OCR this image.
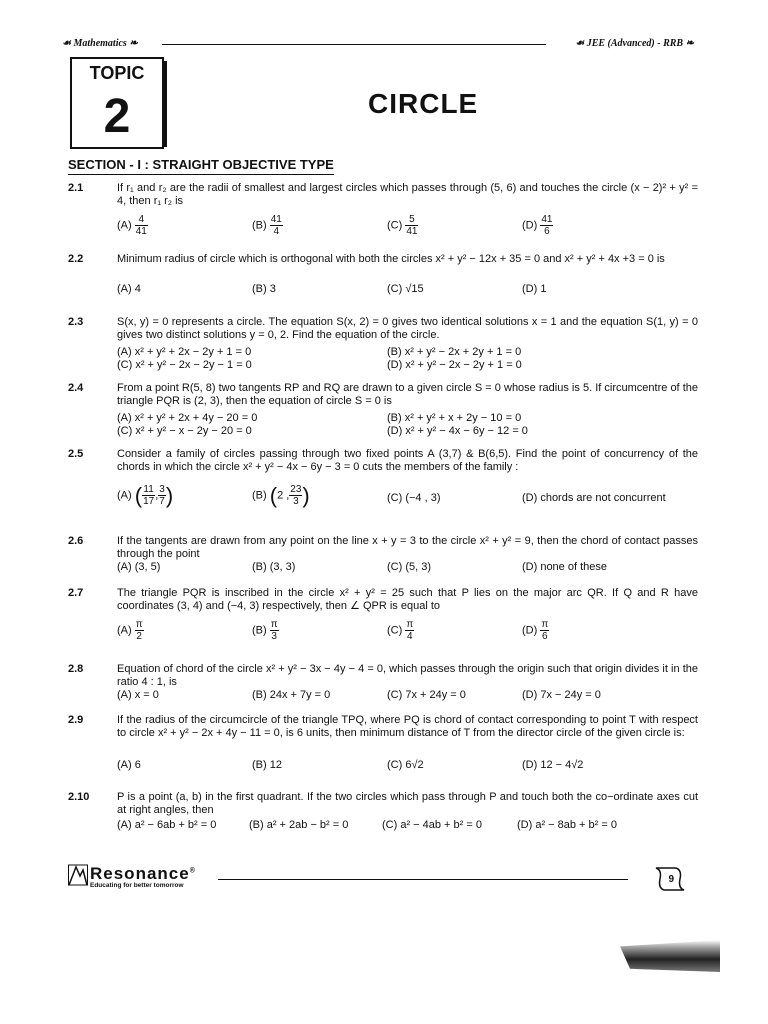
☙ Mathematics ❧	☙ JEE (Advanced) - RRB ❧
TOPIC
2	CIRCLE
SECTION - I : STRAIGHT OBJECTIVE TYPE
2.1	If r₁ and r₂ are the radii of smallest and largest circles which passes through (5, 6) and touches the circle (x − 2)² + y² = 4, then r₁ r₂ is
$(A) \frac{4}{41}$	$(B) \frac{41}{4}$	$(C) \frac{5}{41}$	$(D) \frac{41}{6}$
2.2	Minimum radius of circle which is orthogonal with both the circles x² + y² − 12x + 35 = 0 and x² + y² + 4x +3 = 0 is
(A) 4	(B) 3	(C) √15	(D) 1
2.3	S(x, y) = 0 represents a circle. The equation S(x, 2) = 0 gives two identical solutions x = 1 and the equation S(1, y) = 0 gives two distinct solutions y = 0, 2. Find the equation of the circle.
(A) x² + y² + 2x − 2y + 1 = 0	(B) x² + y² − 2x + 2y + 1 = 0
(C) x² + y² − 2x − 2y − 1 = 0	(D) x² + y² − 2x − 2y + 1 = 0
2.4	From a point R(5, 8) two tangents RP and RQ are drawn to a given circle S = 0 whose radius is 5. If circumcentre of the triangle PQR is (2, 3), then the equation of circle S = 0 is
(A) x² + y² + 2x + 4y − 20 = 0	(B) x² + y² + x + 2y − 10 = 0
(C) x² + y² − x − 2y − 20 = 0	(D) x² + y² − 4x − 6y − 12 = 0
2.5	Consider a family of circles passing through two fixed points A (3,7) & B(6,5). Find the point of concurrency of the chords in which the circle x² + y² − 4x − 6y − 3 = 0 cuts the members of the family :
(A) ( $\frac{11}{17}$ , $\frac{3}{7}$ )	(B) (2 , $\frac{23}{3}$ )	(C) (−4 , 3)	(D) chords are not concurrent
2.6	If the tangents are drawn from any point on the line x + y = 3 to the circle x² + y² = 9, then the chord of contact passes through the point
(A) (3, 5)	(B) (3, 3)	(C) (5, 3)	(D) none of these
2.7	The triangle PQR is inscribed in the circle x² + y² = 25 such that P lies on the major arc QR. If Q and R have coordinates (3, 4) and (−4, 3) respectively, then ∠ QPR is equal to
$(A) \frac{\pi}{2}$	$(B) \frac{\pi}{3}$	$(C) \frac{\pi}{4}$	$(D) \frac{\pi}{6}$
2.8	Equation of chord of the circle x² + y² − 3x − 4y − 4 = 0, which passes through the origin such that origin divides it in the ratio 4 : 1, is
(A) x = 0	(B) 24x + 7y = 0	(C) 7x + 24y = 0	(D) 7x − 24y = 0
2.9	If the radius of the circumcircle of the triangle TPQ, where PQ is chord of contact corresponding to point T with respect to circle x² + y² − 2x + 4y − 11 = 0, is 6 units, then minimum distance of T from the director circle of the given circle is:
(A) 6	(B) 12	(C) 6√2	(D) 12 − 4√2
2.10	P is a point (a, b) in the first quadrant. If the two circles which pass through P and touch both the co−ordinate axes cut at right angles, then
(A) a² − 6ab + b² = 0	(B) a² + 2ab − b² = 0	(C) a² − 4ab + b² = 0	(D) a² − 8ab + b² = 0
Resonance®
Educating for better tomorrow
9
